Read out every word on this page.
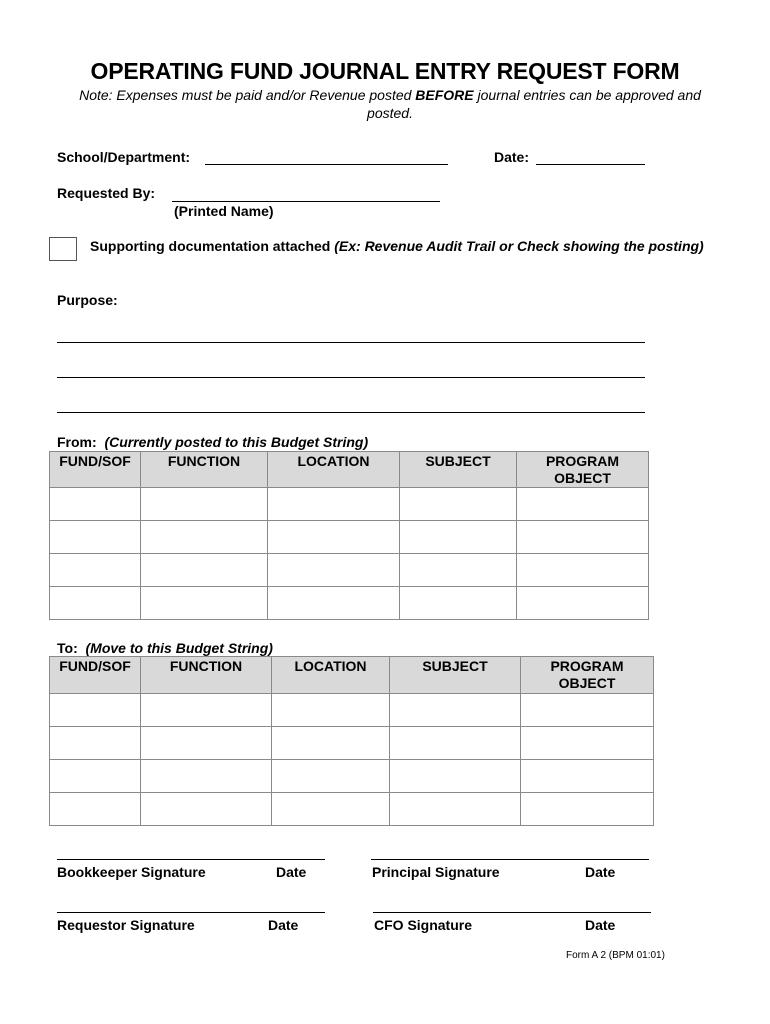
OPERATING FUND JOURNAL ENTRY REQUEST FORM
Note: Expenses must be paid and/or Revenue posted BEFORE journal entries can be approved and posted.
School/Department:	Date:
Requested By:
(Printed Name)
Supporting documentation attached (Ex: Revenue Audit Trail or Check showing the posting)
Purpose:
From: (Currently posted to this Budget String)
FUND/SOF	FUNCTION	LOCATION	SUBJECT	PROGRAM OBJECT

To: (Move to this Budget String)
FUND/SOF	FUNCTION	LOCATION	SUBJECT	PROGRAM OBJECT

Bookkeeper Signature	Date	Principal Signature	Date
Requestor Signature	Date	CFO Signature	Date
Form A 2 (BPM 01:01)
